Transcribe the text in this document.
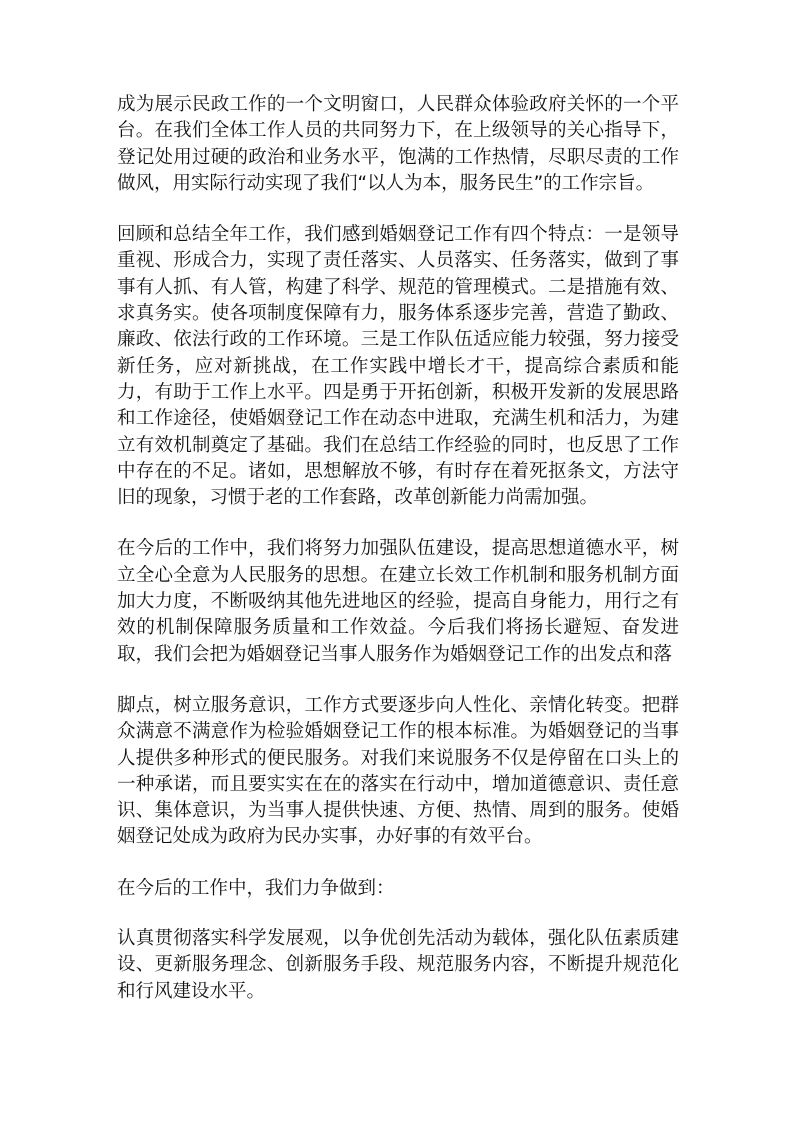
成为展示民政工作的一个文明窗口，人民群众体验政府关怀的一个平台。在我们全体工作人员的共同努力下，在上级领导的关心指导下，登记处用过硬的政治和业务水平，饱满的工作热情，尽职尽责的工作做风，用实际行动实现了我们“以人为本，服务民生”的工作宗旨。

回顾和总结全年工作，我们感到婚姻登记工作有四个特点：一是领导重视、形成合力，实现了责任落实、人员落实、任务落实，做到了事事有人抓、有人管，构建了科学、规范的管理模式。二是措施有效、求真务实。使各项制度保障有力，服务体系逐步完善，营造了勤政、廉政、依法行政的工作环境。三是工作队伍适应能力较强，努力接受新任务，应对新挑战，在工作实践中增长才干，提高综合素质和能力，有助于工作上水平。四是勇于开拓创新，积极开发新的发展思路和工作途径，使婚姻登记工作在动态中进取，充满生机和活力，为建立有效机制奠定了基础。我们在总结工作经验的同时，也反思了工作中存在的不足。诸如，思想解放不够，有时存在着死抠条文，方法守旧的现象，习惯于老的工作套路，改革创新能力尚需加强。

在今后的工作中，我们将努力加强队伍建设，提高思想道德水平，树立全心全意为人民服务的思想。在建立长效工作机制和服务机制方面加大力度，不断吸纳其他先进地区的经验，提高自身能力，用行之有效的机制保障服务质量和工作效益。今后我们将扬长避短、奋发进取，我们会把为婚姻登记当事人服务作为婚姻登记工作的出发点和落

脚点，树立服务意识，工作方式要逐步向人性化、亲情化转变。把群众满意不满意作为检验婚姻登记工作的根本标准。为婚姻登记的当事人提供多种形式的便民服务。对我们来说服务不仅是停留在口头上的一种承诺，而且要实实在在的落实在行动中，增加道德意识、责任意识、集体意识，为当事人提供快速、方便、热情、周到的服务。使婚姻登记处成为政府为民办实事，办好事的有效平台。

在今后的工作中，我们力争做到：

认真贯彻落实科学发展观，以争优创先活动为载体，强化队伍素质建设、更新服务理念、创新服务手段、规范服务内容，不断提升规范化和行风建设水平。
